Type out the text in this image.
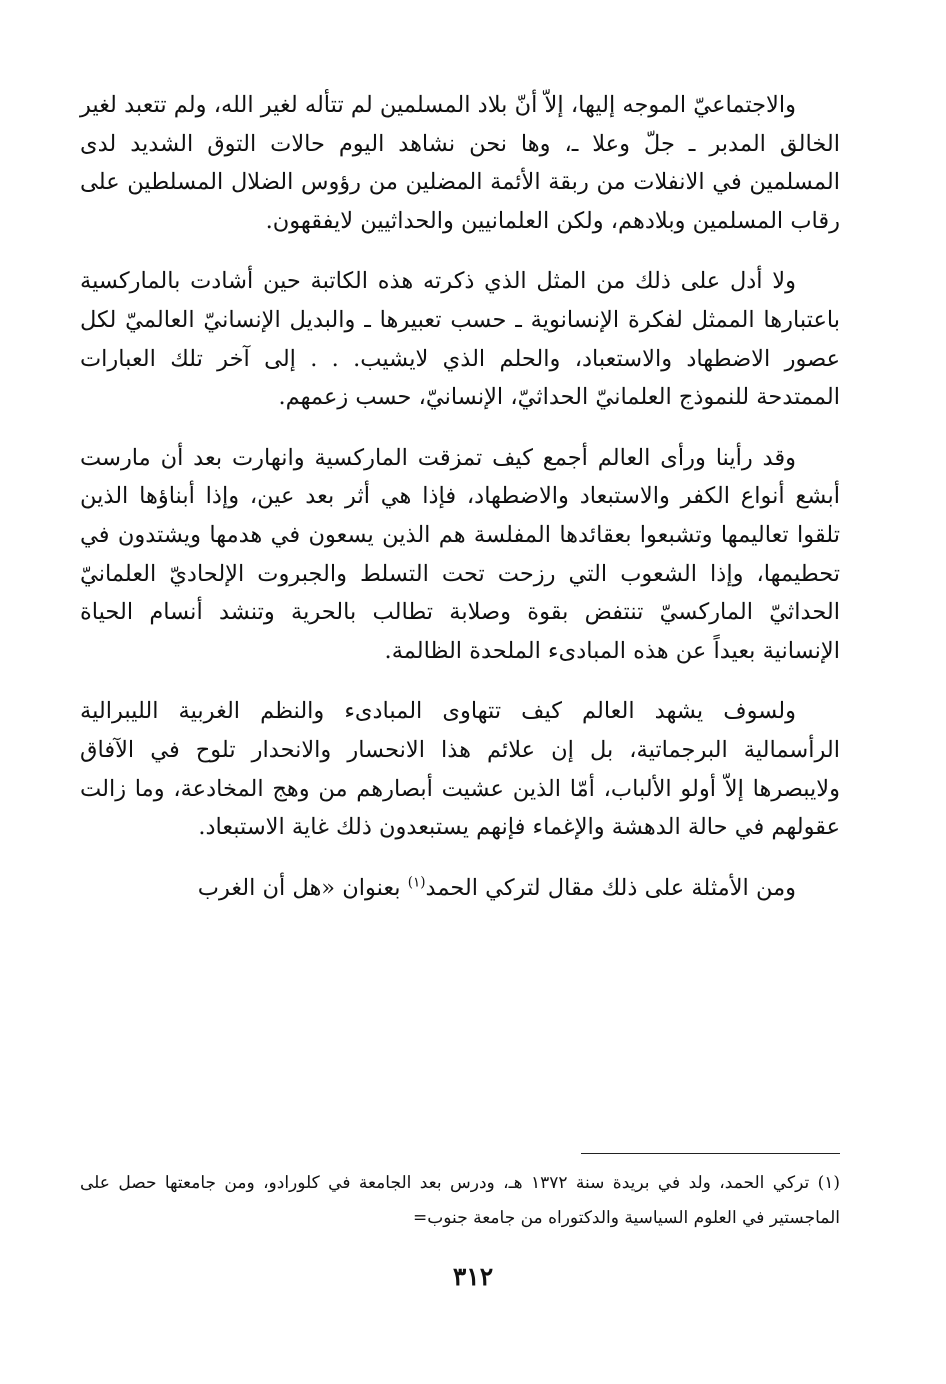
والاجتماعيّ الموجه إليها، إلاّ أنّ بلاد المسلمين لم تتأله لغير الله، ولم تتعبد لغير الخالق المدبر ـ جلّ وعلا ـ، وها نحن نشاهد اليوم حالات التوق الشديد لدى المسلمين في الانفلات من ربقة الأئمة المضلين من رؤوس الضلال المسلطين على رقاب المسلمين وبلادهم، ولكن العلمانيين والحداثيين لايفقهون.

ولا أدل على ذلك من المثل الذي ذكرته هذه الكاتبة حين أشادت بالماركسية باعتبارها الممثل لفكرة الإنسانوية ـ حسب تعبيرها ـ والبديل الإنسانيّ العالميّ لكل عصور الاضطهاد والاستعباد، والحلم الذي لايشيب. . . إلى آخر تلك العبارات الممتدحة للنموذج العلمانيّ الحداثيّ، الإنسانيّ، حسب زعمهم.

وقد رأينا ورأى العالم أجمع كيف تمزقت الماركسية وانهارت بعد أن مارست أبشع أنواع الكفر والاستبعاد والاضطهاد، فإذا هي أثر بعد عين، وإذا أبناؤها الذين تلقوا تعاليمها وتشبعوا بعقائدها المفلسة هم الذين يسعون في هدمها ويشتدون في تحطيمها، وإذا الشعوب التي رزحت تحت التسلط والجبروت الإلحاديّ العلمانيّ الحداثيّ الماركسيّ تنتفض بقوة وصلابة تطالب بالحرية وتنشد أنسام الحياة الإنسانية بعيداً عن هذه المبادىء الملحدة الظالمة.

ولسوف يشهد العالم كيف تتهاوى المبادىء والنظم الغربية الليبرالية الرأسمالية البرجماتية، بل إن علائم هذا الانحسار والانحدار تلوح في الآفاق ولايبصرها إلاّ أولو الألباب، أمّا الذين عشيت أبصارهم من وهج المخادعة، وما زالت عقولهم في حالة الدهشة والإغماء فإنهم يستبعدون ذلك غاية الاستبعاد.

ومن الأمثلة على ذلك مقال لتركي الحمد$^{(١)}$ بعنوان «هل أن الغرب

(١) تركي الحمد، ولد في بريدة سنة ١٣٧٢ هـ، ودرس بعد الجامعة في كلورادو، ومن جامعتها حصل على الماجستير في العلوم السياسية والدكتوراه من جامعة جنوب=

٣١٢
